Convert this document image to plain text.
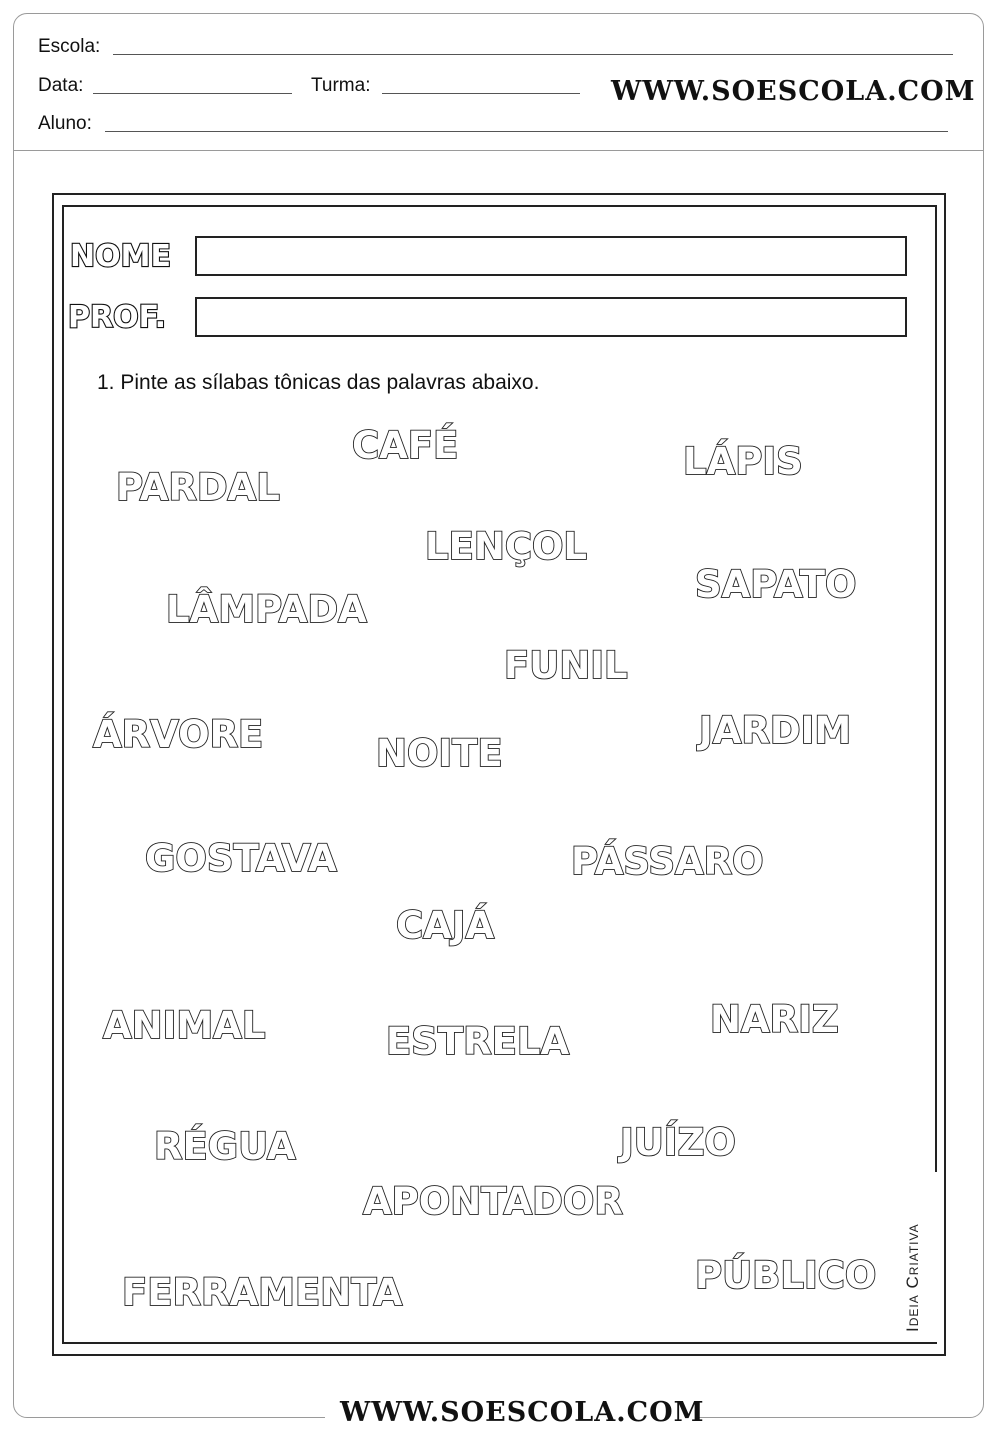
Escola:
Data:	Turma:	WWW.SOESCOLA.COM
Aluno:
NOME
PROF.
1. Pinte as sílabas tônicas das palavras abaixo.
CAFÉ	LÁPIS
PARDAL
LENÇOL
SAPATO
LÂMPADA
FUNIL
ÁRVORE	JARDIM
NOITE
GOSTAVA	PÁSSARO
CAJÁ
ANIMAL	NARIZ
ESTRELA
RÉGUA	JUÍZO
APONTADOR
PÚBLICO
FERRAMENTA	Ideia Criativa
WWW.SOESCOLA.COM
